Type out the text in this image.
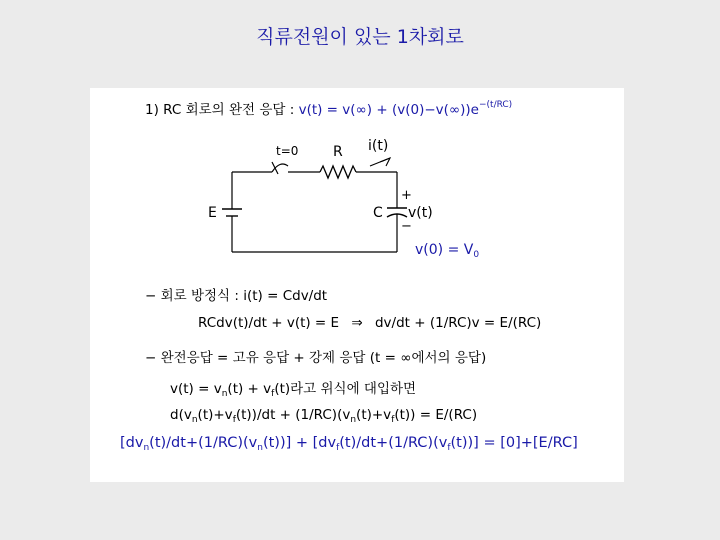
직류전원이 있는 1차회로
1) RC 회로의 완전 응답 : $v(t) = v(\infty) + (v(0)-v(\infty))e^{-(t/RC)}$
t=0 R i(t)
E	C
+
−
v(t)
$v(0) = V_0$
− 회로 방정식 : i(t) = Cdv/dt
RCdv(t)/dt + v(t) = E ⇒ dv/dt + (1/RC)v = E/(RC)
− 완전응답 = 고유 응답 + 강제 응답 (t = ∞에서의 응답)
$v(t) = v_n(t) + v_f(t)$라고 위식에 대입하면
$d(v_n(t)+v_f(t))/dt + (1/RC)(v_n(t)+v_f(t)) = E/(RC)$
$[dv_n(t)/dt+(1/RC)(v_n(t))] + [dv_f(t)/dt+(1/RC)(v_f(t))] = [0]+[E/RC]$
